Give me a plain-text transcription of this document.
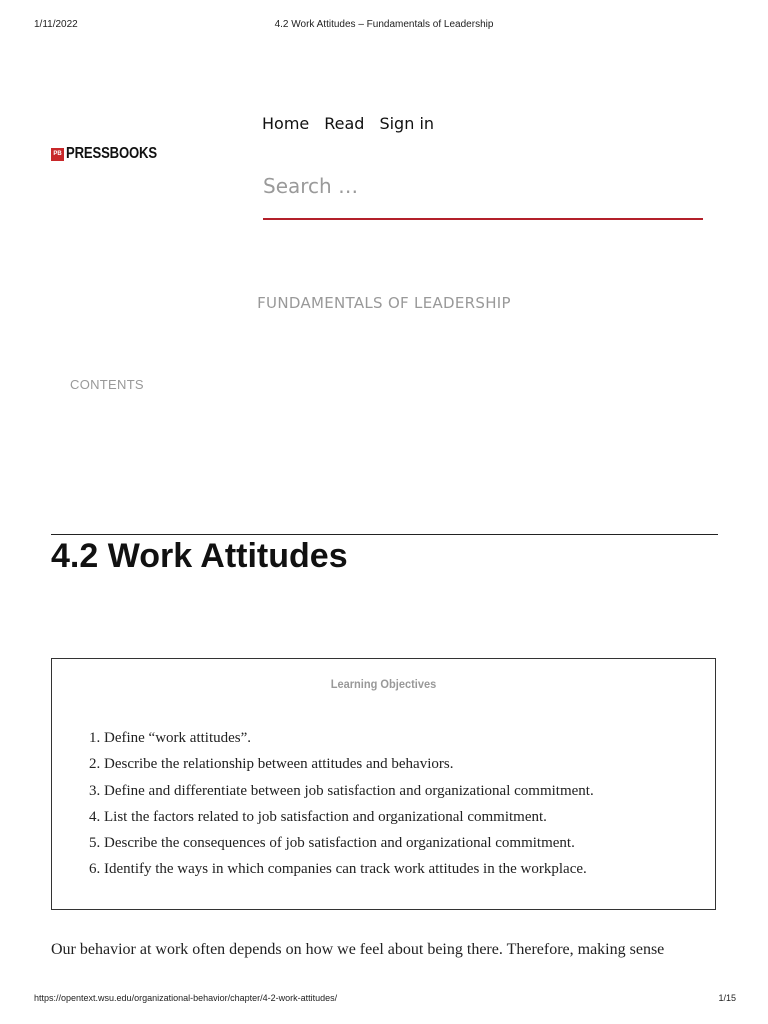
1/11/2022	4.2 Work Attitudes – Fundamentals of Leadership
PB PRESSBOOKS
Home Read Sign in
Search …
FUNDAMENTALS OF LEADERSHIP
CONTENTS
4.2 Work Attitudes
Learning Objectives
1. Define “work attitudes”.
2. Describe the relationship between attitudes and behaviors.
3. Define and differentiate between job satisfaction and organizational commitment.
4. List the factors related to job satisfaction and organizational commitment.
5. Describe the consequences of job satisfaction and organizational commitment.
6. Identify the ways in which companies can track work attitudes in the workplace.

Our behavior at work often depends on how we feel about being there. Therefore, making sense

https://opentext.wsu.edu/organizational-behavior/chapter/4-2-work-attitudes/	1/15
